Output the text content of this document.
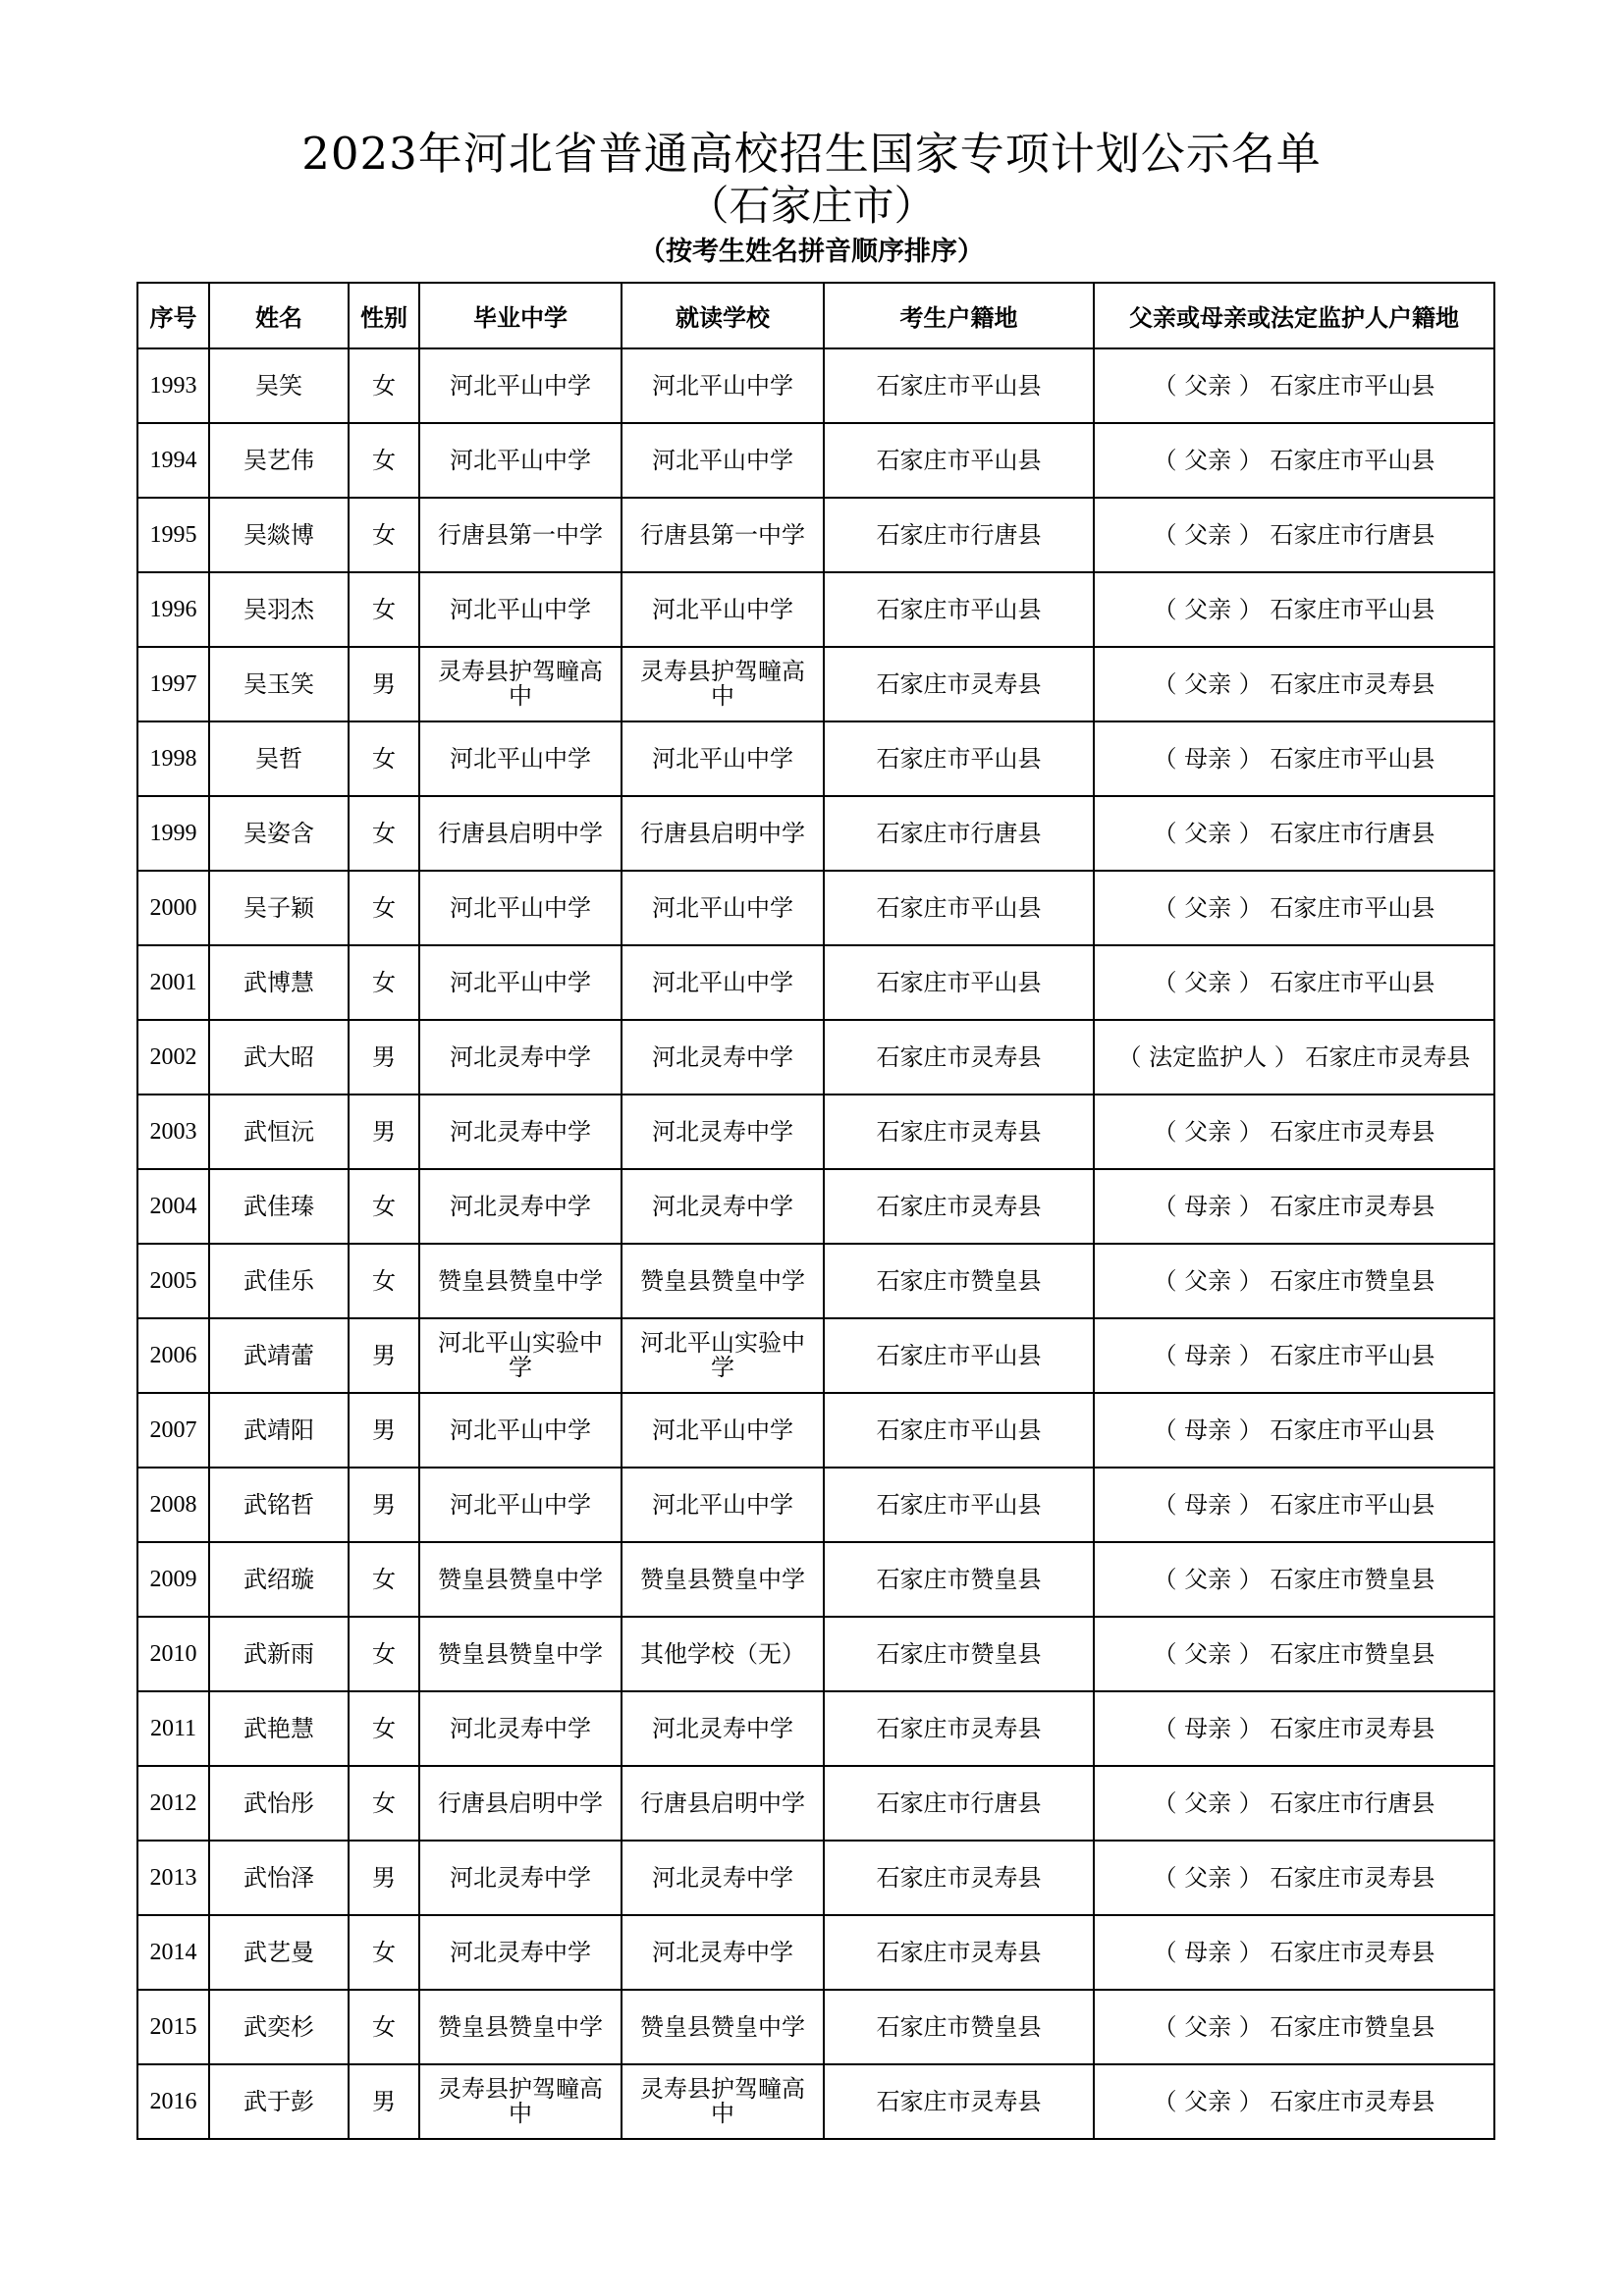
2023年河北省普通高校招生国家专项计划公示名单
（石家庄市）
（按考生姓名拼音顺序排序）
序号	姓名	性别	毕业中学	就读学校	考生户籍地	父亲或母亲或法定监护人户籍地
1993	吴笑	女	河北平山中学	河北平山中学	石家庄市平山县	（ 父亲 ） 石家庄市平山县
1994	吴艺伟	女	河北平山中学	河北平山中学	石家庄市平山县	（ 父亲 ） 石家庄市平山县
1995	吴燚博	女	行唐县第一中学	行唐县第一中学	石家庄市行唐县	（ 父亲 ） 石家庄市行唐县
1996	吴羽杰	女	河北平山中学	河北平山中学	石家庄市平山县	（ 父亲 ） 石家庄市平山县
1997	吴玉笑	男	灵寿县护驾疃高中	灵寿县护驾疃高中	石家庄市灵寿县	（ 父亲 ） 石家庄市灵寿县
1998	吴哲	女	河北平山中学	河北平山中学	石家庄市平山县	（ 母亲 ） 石家庄市平山县
1999	吴姿含	女	行唐县启明中学	行唐县启明中学	石家庄市行唐县	（ 父亲 ） 石家庄市行唐县
2000	吴子颖	女	河北平山中学	河北平山中学	石家庄市平山县	（ 父亲 ） 石家庄市平山县
2001	武博慧	女	河北平山中学	河北平山中学	石家庄市平山县	（ 父亲 ） 石家庄市平山县
2002	武大昭	男	河北灵寿中学	河北灵寿中学	石家庄市灵寿县	（ 法定监护人 ） 石家庄市灵寿县
2003	武恒沅	男	河北灵寿中学	河北灵寿中学	石家庄市灵寿县	（ 父亲 ） 石家庄市灵寿县
2004	武佳瑧	女	河北灵寿中学	河北灵寿中学	石家庄市灵寿县	（ 母亲 ） 石家庄市灵寿县
2005	武佳乐	女	赞皇县赞皇中学	赞皇县赞皇中学	石家庄市赞皇县	（ 父亲 ） 石家庄市赞皇县
2006	武靖蕾	男	河北平山实验中学	河北平山实验中学	石家庄市平山县	（ 母亲 ） 石家庄市平山县
2007	武靖阳	男	河北平山中学	河北平山中学	石家庄市平山县	（ 母亲 ） 石家庄市平山县
2008	武铭哲	男	河北平山中学	河北平山中学	石家庄市平山县	（ 母亲 ） 石家庄市平山县
2009	武绍璇	女	赞皇县赞皇中学	赞皇县赞皇中学	石家庄市赞皇县	（ 父亲 ） 石家庄市赞皇县
2010	武新雨	女	赞皇县赞皇中学	其他学校（无）	石家庄市赞皇县	（ 父亲 ） 石家庄市赞皇县
2011	武艳慧	女	河北灵寿中学	河北灵寿中学	石家庄市灵寿县	（ 母亲 ） 石家庄市灵寿县
2012	武怡彤	女	行唐县启明中学	行唐县启明中学	石家庄市行唐县	（ 父亲 ） 石家庄市行唐县
2013	武怡泽	男	河北灵寿中学	河北灵寿中学	石家庄市灵寿县	（ 父亲 ） 石家庄市灵寿县
2014	武艺曼	女	河北灵寿中学	河北灵寿中学	石家庄市灵寿县	（ 母亲 ） 石家庄市灵寿县
2015	武奕杉	女	赞皇县赞皇中学	赞皇县赞皇中学	石家庄市赞皇县	（ 父亲 ） 石家庄市赞皇县
2016	武于彭	男	灵寿县护驾疃高中	灵寿县护驾疃高中	石家庄市灵寿县	（ 父亲 ） 石家庄市灵寿县
